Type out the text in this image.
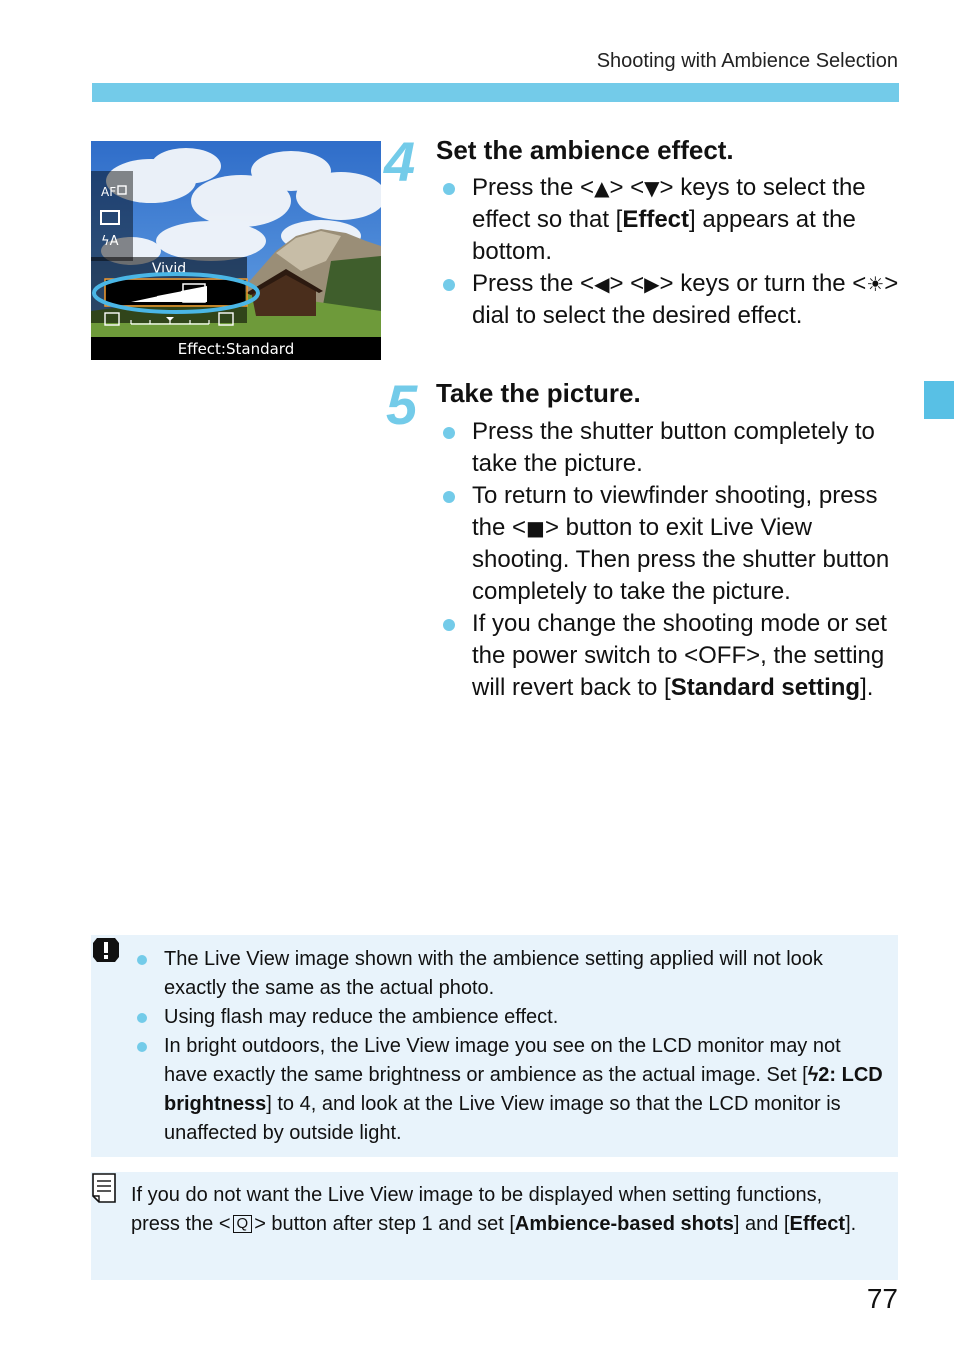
Shooting with Ambience Selection
AF
ϟA
Vivid
Effect:Standard
4 Set the ambience effect.
Press the <▲> <▼> keys to select the effect so that [Effect] appears at the bottom.
Press the <◀> <▶> keys or turn the <☀> dial to select the desired effect.
5 Take the picture.
Press the shutter button completely to take the picture.
To return to viewfinder shooting, press the <■> button to exit Live View shooting. Then press the shutter button completely to take the picture.
If you change the shooting mode or set the power switch to <OFF>, the setting will revert back to [Standard setting].
The Live View image shown with the ambience setting applied will not look exactly the same as the actual photo.
Using flash may reduce the ambience effect.
In bright outdoors, the Live View image you see on the LCD monitor may not have exactly the same brightness or ambience as the actual image. Set [ϟ2: LCD brightness] to 4, and look at the Live View image so that the LCD monitor is unaffected by outside light.

If you do not want the Live View image to be displayed when setting functions, press the < Q > button after step 1 and set [Ambience-based shots] and [Effect].

77
